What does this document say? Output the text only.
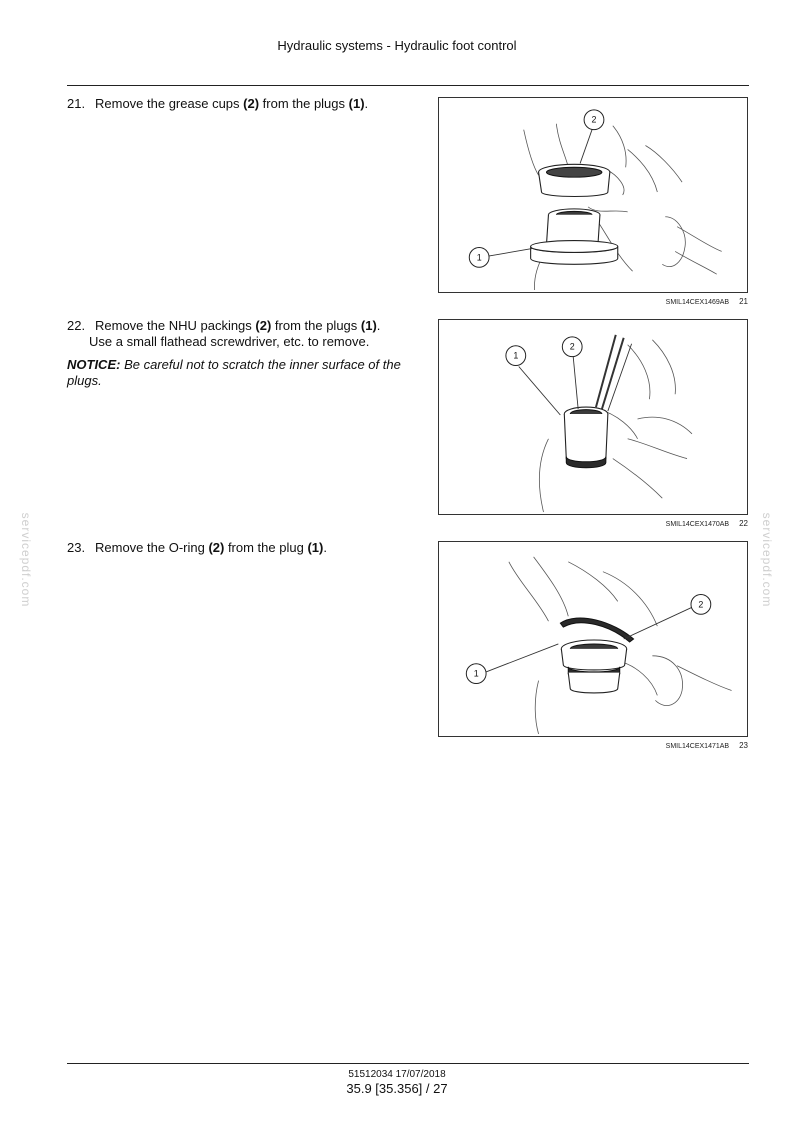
Hydraulic systems - Hydraulic foot control

21. Remove the grease cups (2) from the plugs (1).

2
1
SMIL14CEX1469AB 21

22. Remove the NHU packings (2) from the plugs (1).

Use a small flathead screwdriver, etc. to remove.

NOTICE: Be careful not to scratch the inner surface of the plugs.

1
2
SMIL14CEX1470AB 22

23. Remove the O-ring (2) from the plug (1).

1
2
SMIL14CEX1471AB 23
servicepdf.com	servicepdf.com
51512034 17/07/2018
35.9 [35.356] / 27
